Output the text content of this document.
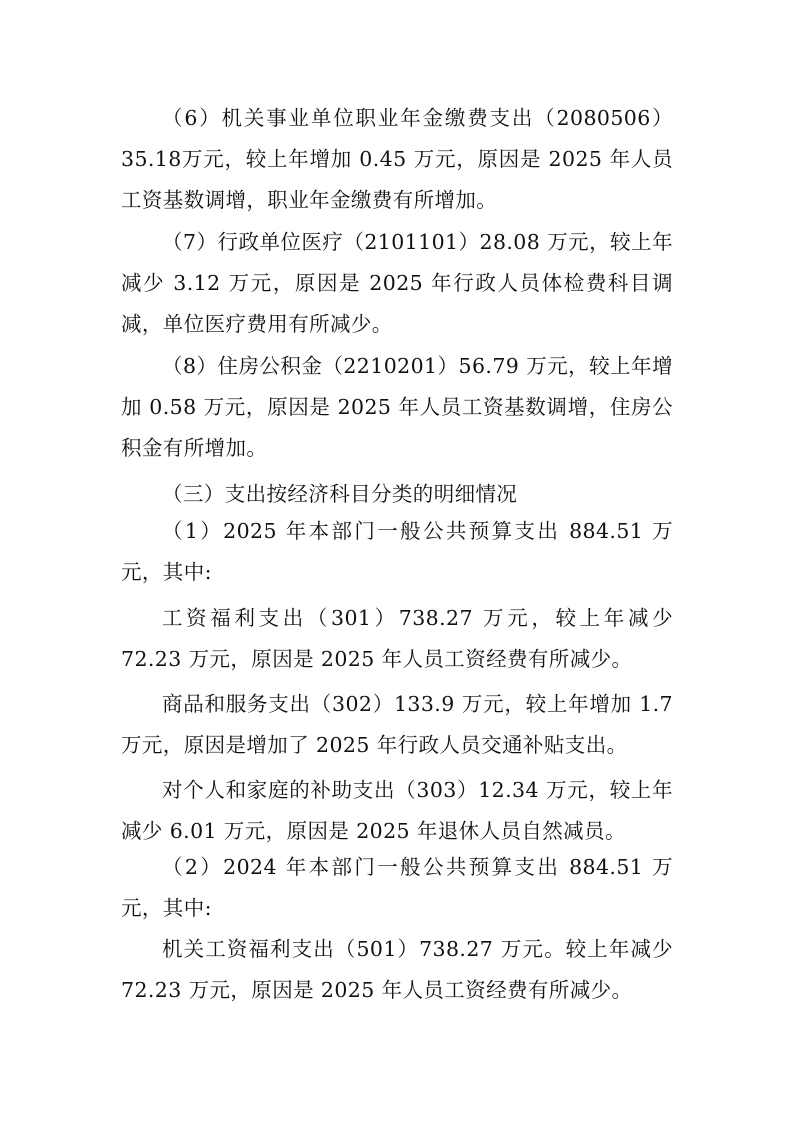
（6）机关事业单位职业年金缴费支出（2080506）35.18万元，较上年增加 0.45 万元，原因是 2025 年人员工资基数调增，职业年金缴费有所增加。

（7）行政单位医疗（2101101）28.08 万元，较上年减少 3.12 万元，原因是 2025 年行政人员体检费科目调减，单位医疗费用有所减少。

（8）住房公积金（2210201）56.79 万元，较上年增加 0.58 万元，原因是 2025 年人员工资基数调增，住房公积金有所增加。

（三）支出按经济科目分类的明细情况

（1）2025 年本部门一般公共预算支出 884.51 万元，其中:

工资福利支出（301）738.27 万元，较上年减少 72.23 万元，原因是 2025 年人员工资经费有所减少。

商品和服务支出（302）133.9 万元，较上年增加 1.7 万元，原因是增加了 2025 年行政人员交通补贴支出。

对个人和家庭的补助支出（303）12.34 万元，较上年减少 6.01 万元，原因是 2025 年退休人员自然减员。

（2）2024 年本部门一般公共预算支出 884.51 万元，其中:

机关工资福利支出（501）738.27 万元。较上年减少 72.23 万元，原因是 2025 年人员工资经费有所减少。
